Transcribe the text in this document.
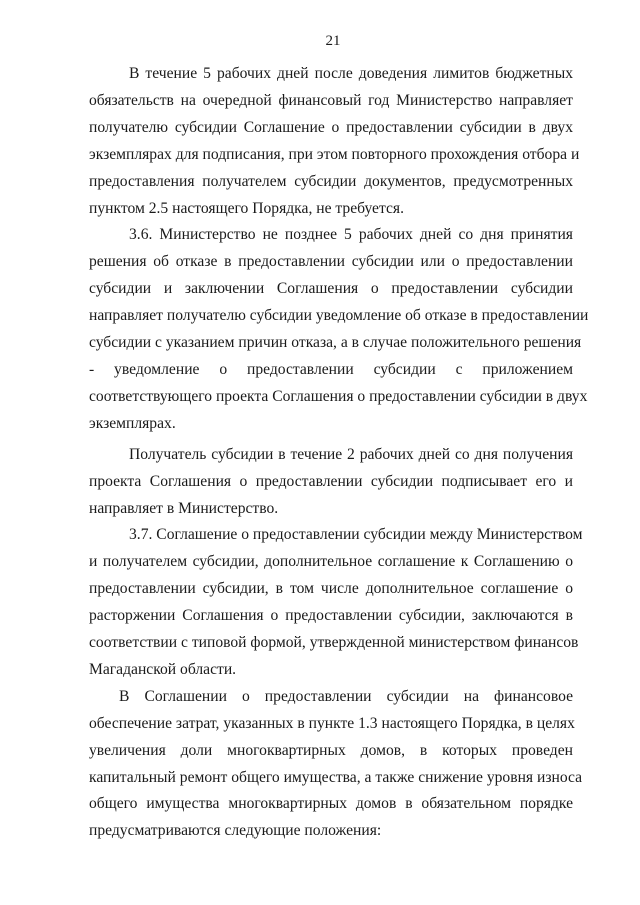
21

В течение 5 рабочих дней после доведения лимитов бюджетных
обязательств на очередной финансовый год Министерство направляет
получателю субсидии Соглашение о предоставлении субсидии в двух
экземплярах для подписания, при этом повторного прохождения отбора и
предоставления получателем субсидии документов, предусмотренных
пунктом 2.5 настоящего Порядка, не требуется.

3.6. Министерство не позднее 5 рабочих дней со дня принятия
решения об отказе в предоставлении субсидии или о предоставлении
субсидии и заключении Соглашения о предоставлении субсидии
направляет получателю субсидии уведомление об отказе в предоставлении
субсидии с указанием причин отказа, а в случае положительного решения
- уведомление о предоставлении субсидии с приложением
соответствующего проекта Соглашения о предоставлении субсидии в двух
экземплярах.

Получатель субсидии в течение 2 рабочих дней со дня получения
проекта Соглашения о предоставлении субсидии подписывает его и
направляет в Министерство.

3.7. Соглашение о предоставлении субсидии между Министерством
и получателем субсидии, дополнительное соглашение к Соглашению о
предоставлении субсидии, в том числе дополнительное соглашение о
расторжении Соглашения о предоставлении субсидии, заключаются в
соответствии с типовой формой, утвержденной министерством финансов
Магаданской области.

В Соглашении о предоставлении субсидии на финансовое
обеспечение затрат, указанных в пункте 1.3 настоящего Порядка, в целях
увеличения доли многоквартирных домов, в которых проведен
капитальный ремонт общего имущества, а также снижение уровня износа
общего имущества многоквартирных домов в обязательном порядке
предусматриваются следующие положения:
